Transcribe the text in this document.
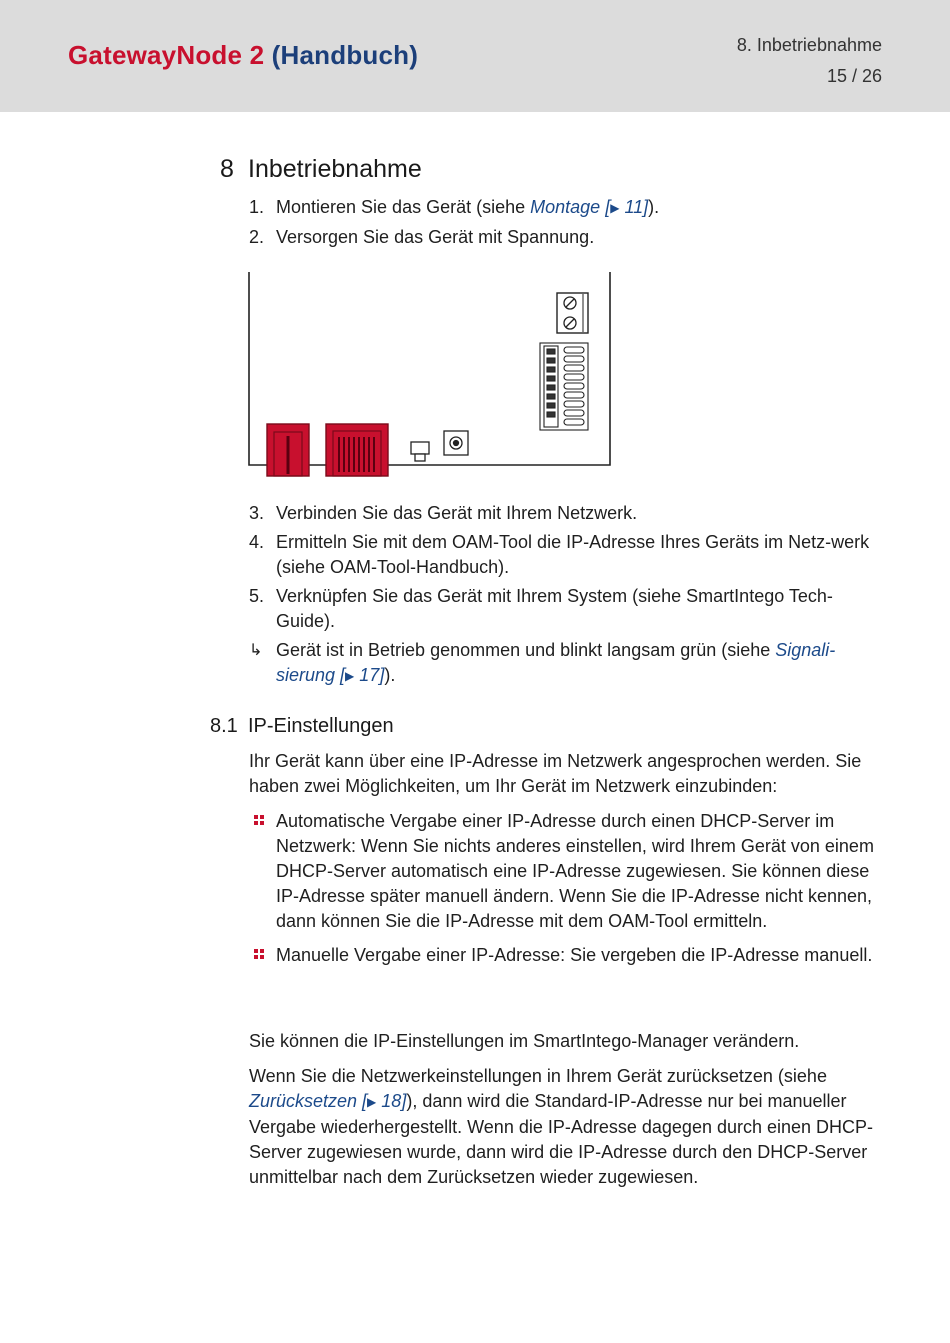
GatewayNode 2 (Handbuch)	8. Inbetriebnahme
15 / 26
8 Inbetriebnahme
1. Montieren Sie das Gerät (siehe Montage [▶ 11]).
2. Versorgen Sie das Gerät mit Spannung.
3. Verbinden Sie das Gerät mit Ihrem Netzwerk.
4. Ermitteln Sie mit dem OAM-Tool die IP-Adresse Ihres Geräts im Netz-werk (siehe OAM-Tool-Handbuch).
5. Verknüpfen Sie das Gerät mit Ihrem System (siehe SmartIntego Tech-Guide).
↳ Gerät ist in Betrieb genommen und blinkt langsam grün (siehe Signali-sierung [▶ 17]).
8.1 IP-Einstellungen
Ihr Gerät kann über eine IP-Adresse im Netzwerk angesprochen werden. Sie haben zwei Möglichkeiten, um Ihr Gerät im Netzwerk einzubinden:
Automatische Vergabe einer IP-Adresse durch einen DHCP-Server im Netzwerk: Wenn Sie nichts anderes einstellen, wird Ihrem Gerät von einem DHCP-Server automatisch eine IP-Adresse zugewiesen. Sie können diese IP-Adresse später manuell ändern. Wenn Sie die IP-Adresse nicht kennen, dann können Sie die IP-Adresse mit dem OAM-Tool ermitteln.
Manuelle Vergabe einer IP-Adresse: Sie vergeben die IP-Adresse manuell.
Sie können die IP-Einstellungen im SmartIntego-Manager verändern.
Wenn Sie die Netzwerkeinstellungen in Ihrem Gerät zurücksetzen (siehe Zurücksetzen [▶ 18]), dann wird die Standard-IP-Adresse nur bei manueller Vergabe wiederhergestellt. Wenn die IP-Adresse dagegen durch einen DHCP-Server zugewiesen wurde, dann wird die IP-Adresse durch den DHCP-Server unmittelbar nach dem Zurücksetzen wieder zugewiesen.
